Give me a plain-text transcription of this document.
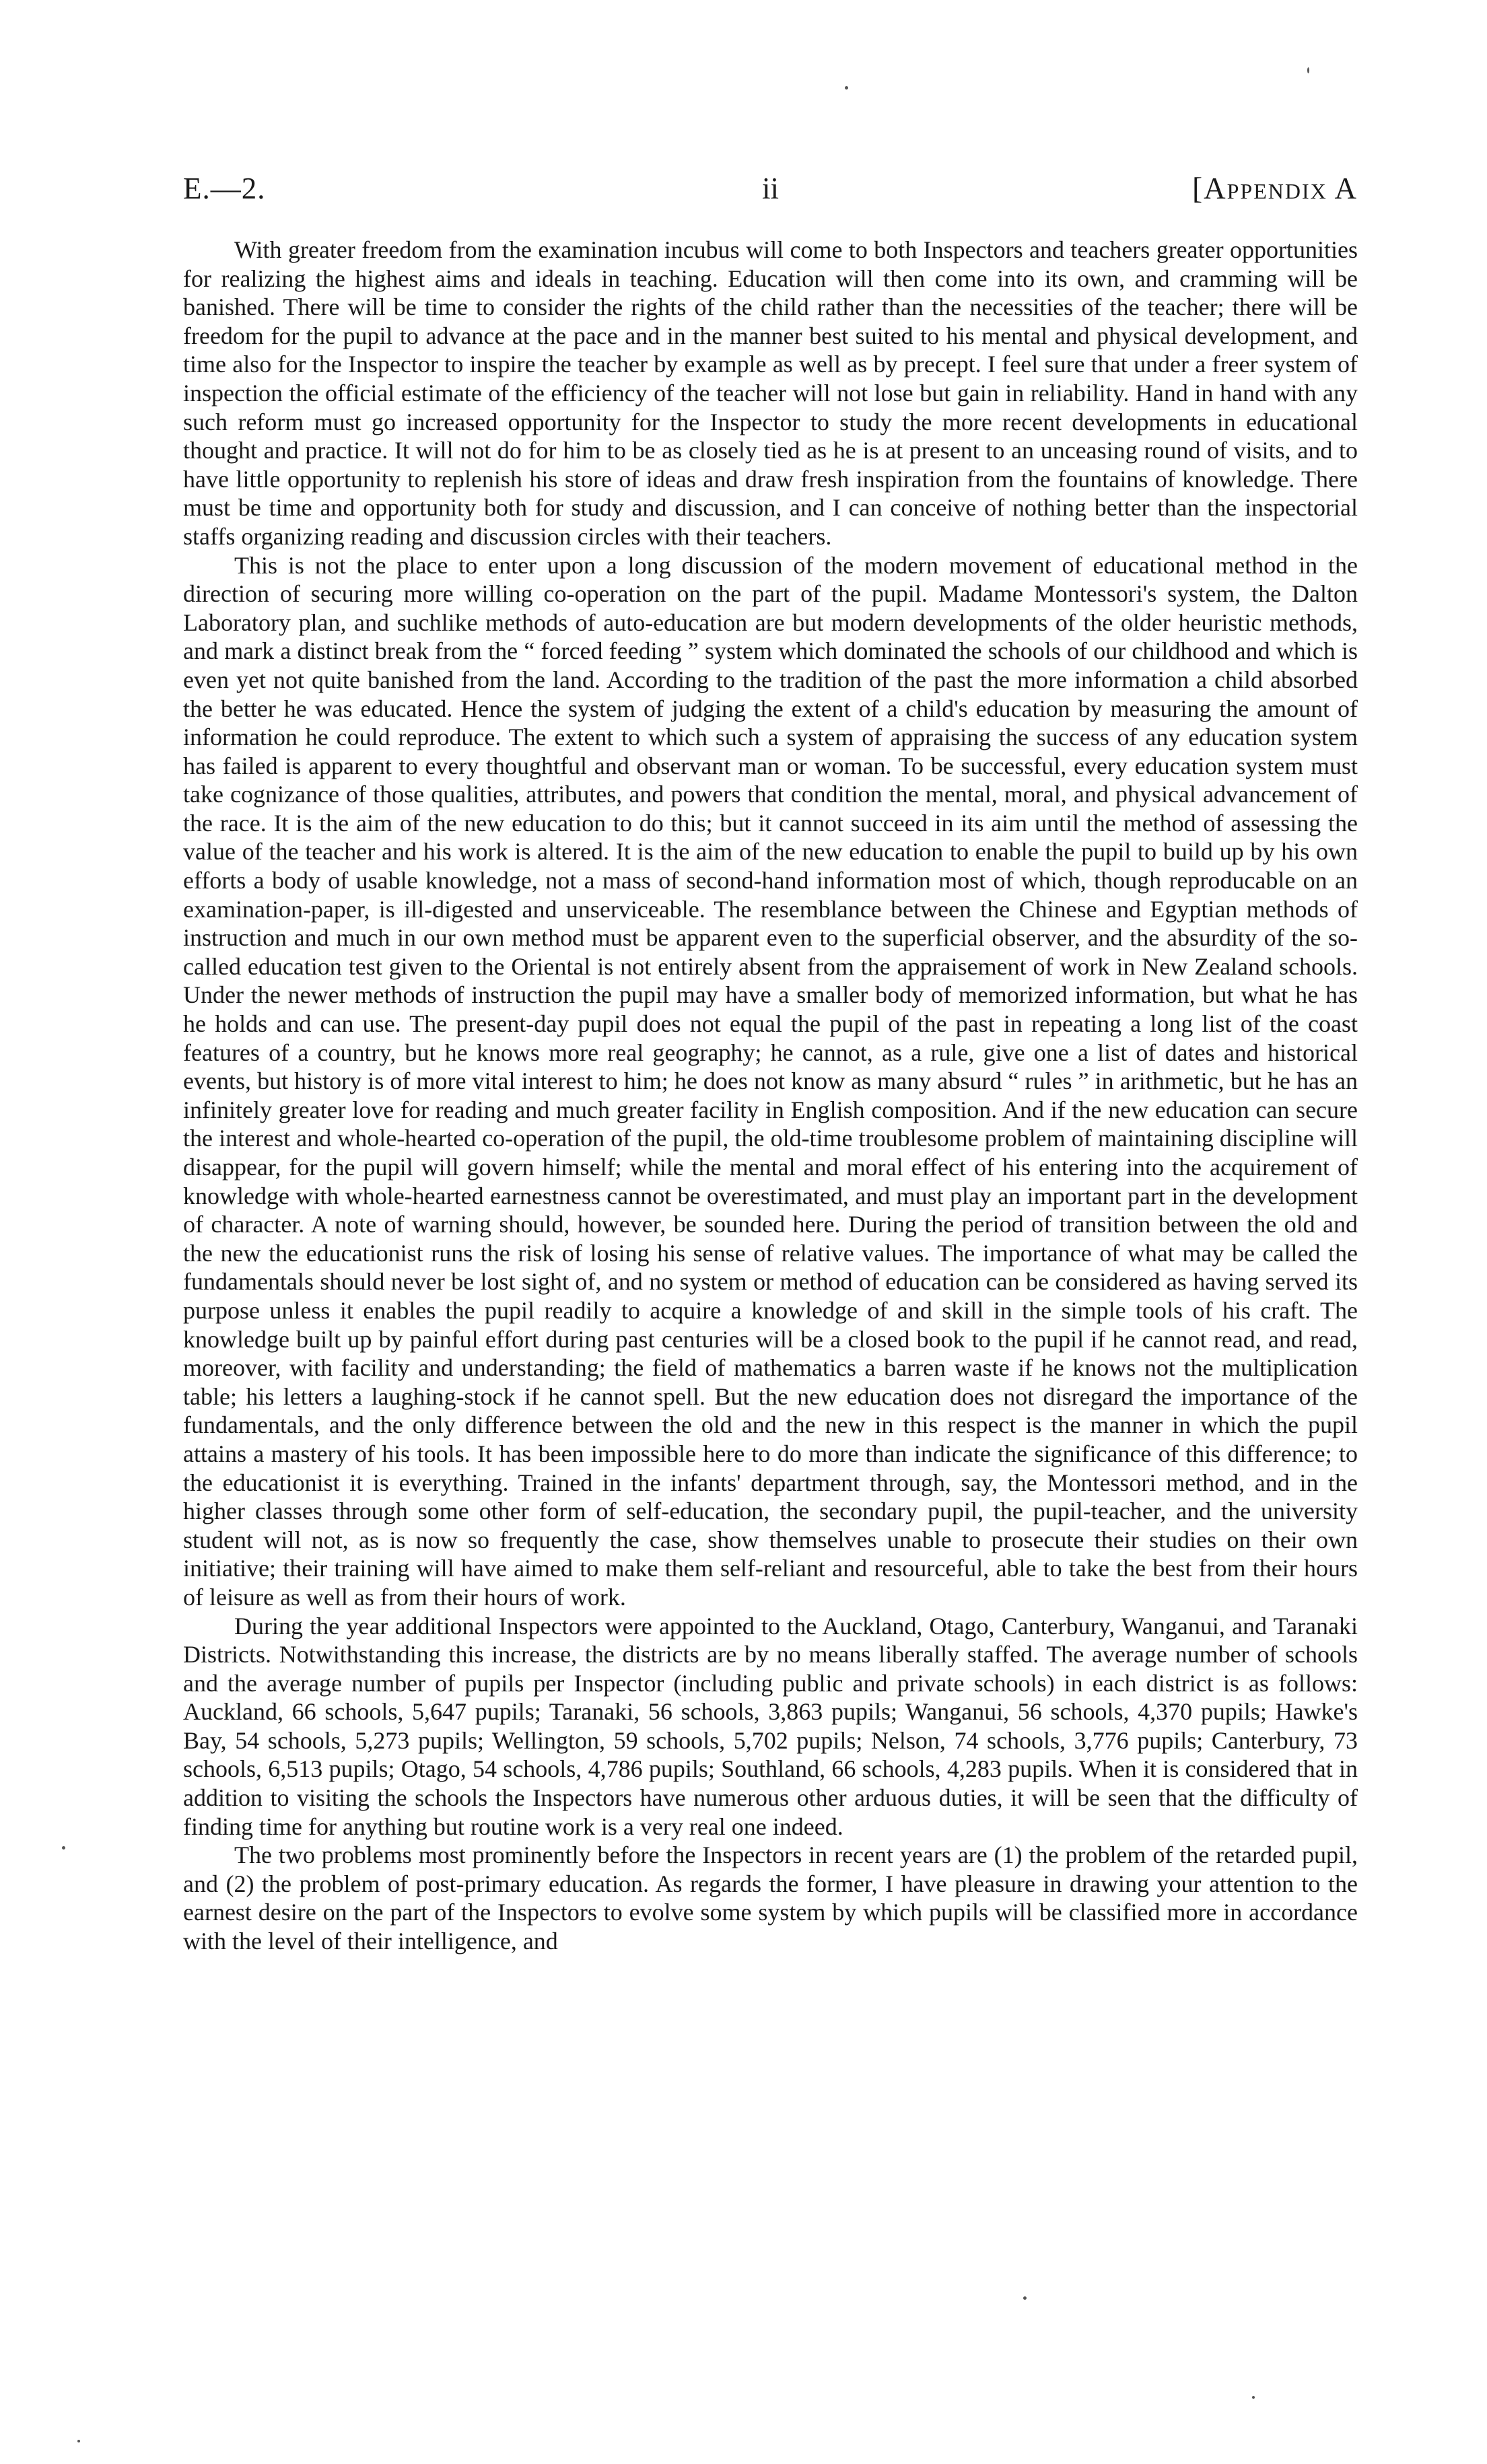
E.—2.	ii	[Appendix A

With greater freedom from the examination incubus will come to both Inspectors and teachers greater opportunities for realizing the highest aims and ideals in teaching. Education will then come into its own, and cramming will be banished. There will be time to consider the rights of the child rather than the necessities of the teacher; there will be freedom for the pupil to advance at the pace and in the manner best suited to his mental and physical development, and time also for the Inspector to inspire the teacher by example as well as by precept. I feel sure that under a freer system of inspection the official estimate of the efficiency of the teacher will not lose but gain in reliability. Hand in hand with any such reform must go increased opportunity for the Inspector to study the more recent developments in educational thought and practice. It will not do for him to be as closely tied as he is at present to an unceasing round of visits, and to have little opportunity to replenish his store of ideas and draw fresh inspiration from the fountains of knowledge. There must be time and opportunity both for study and discussion, and I can conceive of nothing better than the inspectorial staffs organizing reading and discussion circles with their teachers.

This is not the place to enter upon a long discussion of the modern movement of educational method in the direction of securing more willing co-operation on the part of the pupil. Madame Montessori's system, the Dalton Laboratory plan, and suchlike methods of auto-education are but modern developments of the older heuristic methods, and mark a distinct break from the “ forced feeding ” system which dominated the schools of our childhood and which is even yet not quite banished from the land. According to the tradition of the past the more information a child absorbed the better he was educated. Hence the system of judging the extent of a child's education by measuring the amount of information he could reproduce. The extent to which such a system of appraising the success of any education system has failed is apparent to every thoughtful and observant man or woman. To be successful, every education system must take cognizance of those qualities, attributes, and powers that condition the mental, moral, and physical advancement of the race. It is the aim of the new education to do this; but it cannot succeed in its aim until the method of assessing the value of the teacher and his work is altered. It is the aim of the new education to enable the pupil to build up by his own efforts a body of usable knowledge, not a mass of second-hand information most of which, though reproducable on an examination-paper, is ill-digested and unserviceable. The resemblance between the Chinese and Egyptian methods of instruction and much in our own method must be apparent even to the superficial observer, and the absurdity of the so-called education test given to the Oriental is not entirely absent from the appraisement of work in New Zealand schools. Under the newer methods of instruction the pupil may have a smaller body of memorized information, but what he has he holds and can use. The present-day pupil does not equal the pupil of the past in repeating a long list of the coast features of a country, but he knows more real geography; he cannot, as a rule, give one a list of dates and historical events, but history is of more vital interest to him; he does not know as many absurd “ rules ” in arithmetic, but he has an infinitely greater love for reading and much greater facility in English composition. And if the new education can secure the interest and whole-hearted co-operation of the pupil, the old-time troublesome problem of maintaining discipline will disappear, for the pupil will govern himself; while the mental and moral effect of his entering into the acquirement of knowledge with whole-hearted earnestness cannot be overestimated, and must play an important part in the development of character. A note of warning should, however, be sounded here. During the period of transition between the old and the new the educationist runs the risk of losing his sense of relative values. The importance of what may be called the fundamentals should never be lost sight of, and no system or method of education can be considered as having served its purpose unless it enables the pupil readily to acquire a knowledge of and skill in the simple tools of his craft. The knowledge built up by painful effort during past centuries will be a closed book to the pupil if he cannot read, and read, moreover, with facility and understanding; the field of mathematics a barren waste if he knows not the multiplication table; his letters a laughing-stock if he cannot spell. But the new education does not disregard the importance of the fundamentals, and the only difference between the old and the new in this respect is the manner in which the pupil attains a mastery of his tools. It has been impossible here to do more than indicate the significance of this difference; to the educationist it is everything. Trained in the infants' department through, say, the Montessori method, and in the higher classes through some other form of self-education, the secondary pupil, the pupil-teacher, and the university student will not, as is now so frequently the case, show themselves unable to prosecute their studies on their own initiative; their training will have aimed to make them self-reliant and resourceful, able to take the best from their hours of leisure as well as from their hours of work.

During the year additional Inspectors were appointed to the Auckland, Otago, Canterbury, Wanganui, and Taranaki Districts. Notwithstanding this increase, the districts are by no means liberally staffed. The average number of schools and the average number of pupils per Inspector (including public and private schools) in each district is as follows: Auckland, 66 schools, 5,647 pupils; Taranaki, 56 schools, 3,863 pupils; Wanganui, 56 schools, 4,370 pupils; Hawke's Bay, 54 schools, 5,273 pupils; Wellington, 59 schools, 5,702 pupils; Nelson, 74 schools, 3,776 pupils; Canterbury, 73 schools, 6,513 pupils; Otago, 54 schools, 4,786 pupils; Southland, 66 schools, 4,283 pupils. When it is considered that in addition to visiting the schools the Inspectors have numerous other arduous duties, it will be seen that the difficulty of finding time for anything but routine work is a very real one indeed.

The two problems most prominently before the Inspectors in recent years are (1) the problem of the retarded pupil, and (2) the problem of post-primary education. As regards the former, I have pleasure in drawing your attention to the earnest desire on the part of the Inspectors to evolve some system by which pupils will be classified more in accordance with the level of their intelligence, and
